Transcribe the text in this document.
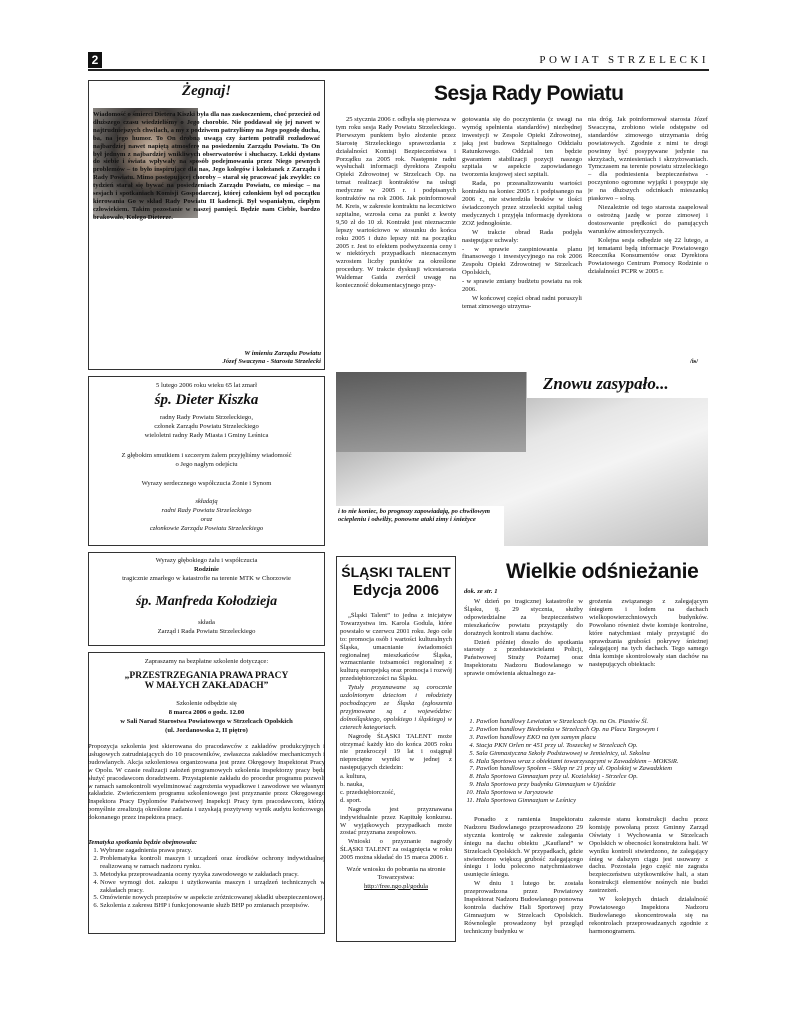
2	POWIAT STRZELECKI
Żegnaj!
Wiadomość o śmierci Dietera Kiszki była dla nas zaskoczeniem, choć przecież od dłuższego czasu wiedzieliśmy o Jego chorobie. Nie poddawał się jej nawet w najtrudniejszych chwilach, a my z podziwem patrzyliśmy na Jego pogodę ducha, ba, na jego humor. To On drobną uwagą czy żartem potrafił rozładować najbardziej nawet napiętą atmosferę na posiedzeniu Zarządu Powiatu. To On był jednym z najbardziej wnikliwych obserwatorów i słuchaczy. Lekki dystans do siebie i świata wpływały na sposób podejmowania przez Niego pewnych problemów – to było inspirujące dla nas, Jego kolegów i koleżanek z Zarządu i Rady Powiatu. Mimo postępującej choroby – starał się pracować jak zwykle: co tydzień starał się bywać na posiedzeniach Zarządu Powiatu, co miesiąc – na sesjach i spotkaniach Komisji Gospodarczej, której członkiem był od początku kierowania Go w skład Rady Powiatu II kadencji. Był wspaniałym, ciepłym człowiekiem. Takim pozostanie w naszej pamięci. Będzie nam Ciebie, bardzo brakowało, Kolego Dieterze.
W imieniu Zarządu Powiatu
Józef Swaczyna - Starosta Strzelecki
5 lutego 2006 roku wieku 65 lat zmarł
śp. Dieter Kiszka
radny Rady Powiatu Strzeleckiego,
członek Zarządu Powiatu Strzeleckiego
wieloletni radny Rady Miasta i Gminy Leśnica
Z głębokim smutkiem i szczerym żalem przyjęliśmy wiadomość
o Jego nagłym odejściu
Wyrazy serdecznego współczucia Żonie i Synom
składają
radni Rady Powiatu Strzeleckiego
oraz
członkowie Zarządu Powiatu Strzeleckiego
Wyrazy głębokiego żalu i współczucia
Rodzinie
tragicznie zmarłego w katastrofie na terenie MTK w Chorzowie
śp. Manfreda Kołodzieja
składa
Zarząd i Rada Powiatu Strzeleckiego
Zapraszamy na bezpłatne szkolenie dotyczące:
„PRZESTRZEGANIA PRAWA PRACY
W MAŁYCH ZAKŁADACH”
Szkolenie odbędzie się
8 marca 2006 o godz. 12.00
w Sali Narad Starostwa Powiatowego w Strzelcach Opolskich
(ul. Jordanowska 2, II piętro)
Propozycja szkolenia jest skierowana do pracodawców z zakładów produkcyjnych i usługowych zatrudniających do 10 pracowników, zwłaszcza zakładów mechanicznych i budowlanych. Akcja szkoleniowa organizowana jest przez Okręgowy Inspektorat Pracy w Opolu. W czasie realizacji założeń programowych szkolenia inspektorzy pracy będą służyć pracodawcom doradztwem. Przystąpienie zakładu do procedur programu pozwoli w ramach samokontroli wyeliminować zagrożenia wypadkowe i zawodowe we własnym zakładzie. Zwieńczeniem programu szkoleniowego jest przyznanie przez Okręgowego Inspektora Pracy Dyplomów Państwowej Inspekcji Pracy tym pracodawcom, którzy pomyślnie zrealizują określone zadania i uzyskają pozytywny wynik audytu końcowego, dokonanego przez inspektora pracy.
Tematyka spotkania będzie obejmowała:
1. Wybrane zagadnienia prawa pracy.
2. Problematyka kontroli maszyn i urządzeń oraz środków ochrony indywidualnej realizowaną w ramach nadzoru rynku.
3. Metodyka przeprowadzania oceny ryzyka zawodowego w zakładach pracy.
4. Nowe wymogi dot. zakupu i użytkowania maszyn i urządzeń technicznych w zakładach pracy.
5. Omówienie nowych przepisów w aspekcie zróżnicowanej składki ubezpieczeniowej.
6. Szkolenia z zakresu BHP i funkcjonowanie służb BHP po zmianach przepisów.
Sesja Rady Powiatu
25 stycznia 2006 r. odbyła się pierwsza w tym roku sesja Rady Powiatu Strzeleckiego. Pierwszym punktem było złożenie przez Starostę Strzeleckiego sprawozdania z działalności Komisji Bezpieczeństwa i Porządku za 2005 rok. Następnie radni wysłuchali informacji dyrektora Zespołu Opieki Zdrowotnej w Strzelcach Op. na temat realizacji kontraktów na usługi medyczne w 2005 r. i podpisanych kontraktów na rok 2006. Jak poinformował M. Kreis, w zakresie kontraktu na lecznictwo szpitalne, wzrosła cena za punkt z kwoty 9,50 zł do 10 zł. Kontrakt jest nieznacznie lepszy wartościowo w stosunku do końca roku 2005 i dużo lepszy niż na początku 2005 r. Jest to efektem podwyższenia ceny i w niektórych przypadkach nieznacznym wzrostem liczby punktów za określone procedury. W trakcie dyskusji wicestarosta Waldemar Gaida zwrócił uwagę na konieczność dokumentacyjnego przy-

gotowania się do poczynienia (z uwagi na wymóg spełnienia standardów) niezbędnej inwestycji w Zespole Opieki Zdrowotnej, jaką jest budowa Szpitalnego Oddziału Ratunkowego. Oddział ten będzie gwarantem stabilizacji pozycji naszego szpitala w aspekcie zapowiadanego tworzenia krajowej sieci szpitali.

Rada, po przeanalizowaniu wartości kontraktu na koniec 2005 r. i podpisanego na 2006 r., nie stwierdziła braków w ilości świadczonych przez strzelecki szpital usług medycznych i przyjęła informację dyrektora ZOZ jednogłośnie.

W trakcie obrad Rada podjęła następujące uchwały:

- w sprawie zaopiniowania planu finansowego i inwestycyjnego na rok 2006 Zespołu Opieki Zdrowotnej w Strzelcach Opolskich,

- w sprawie zmiany budżetu powiatu na rok 2006.

W końcowej części obrad radni poruszyli temat zimowego utrzyma-

nia dróg. Jak poinformował starosta Józef Swaczyna, zrobiono wiele odstępstw od standardów zimowego utrzymania dróg powiatowych. Zgodnie z nimi te drogi powinny być posypywane jedynie na skrzyżach, wzniesieniach i skrzyżowaniach. Tymczasem na terenie powiatu strzeleckiego – dla podniesienia bezpieczeństwa - poczyniono ogromne wyjątki i posypuje się je na dłuższych odcinkach mieszanką piaskowo – solną.

Niezależnie od tego starosta zaapelował o ostrożną jazdę w porze zimowej i dostosowanie prędkości do panujących warunków atmosferycznych.

Kolejna sesja odbędzie się 22 lutego, a jej tematami będą informacje Powiatowego Rzecznika Konsumentów oraz Dyrektora Powiatowego Centrum Pomocy Rodzinie o działalności PCPR w 2005 r.

/is/
Znowu zasypało...
i to nie koniec, bo prognozy zapowiadają, po chwilowym ociepleniu i odwilży, ponowne ataki zimy i śnieżyce
ŚLĄSKI TALENT
Edycja 2006

„Śląski Talent” to jedna z inicjatyw Towarzystwa im. Karola Godula, które powstało w czerwcu 2001 roku. Jego cele to: promocja osób i wartości kulturalnych Śląska, umacnianie świadomości regionalnej mieszkańców Śląska, wzmacnianie tożsamości regionalnej z kulturą europejską oraz promocja i rozwój przedsiębiorczości na Śląsku.

Tytuły przyznawane są corocznie uzdolnionym dzieciom i młodzieży pochodzącym ze Śląska (zgłoszenia przyjmowane są z województw: dolnośląskiego, opolskiego i śląskiego) w czterech kategoriach.

Nagrodę ŚLĄSKI TALENT może otrzymać każdy kto do końca 2005 roku nie przekroczył 19 lat i osiągnął niepreciętne wyniki w jednej z następujących dziedzin:

a. kultura,

b. nauka,

c. przedsiębiorczość,

d. sport.

Nagroda jest przyznawana indywidualnie przez Kapitułę konkursu. W wyjątkowych przypadkach może zostać przyznana zespołowo.

Wnioski o przyznanie nagrody ŚLĄSKI TALENT za osiągnięcia w roku 2005 można składać do 15 marca 2006 r.

Wzór wniosku do pobrania na stronie Towarzystwa:

http://free.ngo.pl/godula

Wielkie odśnieżanie
dok. ze str. 1

W dzień po tragicznej katastrofie w Śląsku, tj. 29 stycznia, służby odpowiedzialne za bezpieczeństwo mieszkańców powiatu przystąpiły do dorażnych kontroli stanu dachów.

Dzień później doszło do spotkania starosty z przedstawicielami Policji, Państwowej Straży Pożarnej oraz Inspektoratu Nadzoru Budowlanego w sprawie omówienia aktualnego za-

grożenia związanego z zalegającym śniegiem i lodem na dachach wielkopowierzchniowych budynków. Powołano również dwie komisje kontrolne, które natychmiast miały przystąpić do sprawdzania grubości pokrywy śnieżnej zalegającej na tych dachach. Tego samego dnia komisje skontrolowały stan dachów na następujących obiektach:
1. Pawilon handlowy Lewiatan w Strzelcach Op. na Os. Piastów Śl.
2. Pawilon handlowy Biedronka w Strzelcach Op. na Placu Targowym i
3. Pawilon handlowy EKO na tym samym placu
4. Stacja PKN Orlen nr 451 przy ul. Toszeckej w Strzelcach Op.
5. Sala Gimnastyczna Szkoły Podstawowej w Jemielnicy, ul. Szkolna
6. Hala Sportowa wraz z obiektami towarzyszącymi w Zawadzkiem – MOKSiR.
7. Pawilon handlowy Społem – Sklep nr 21 przy ul. Opolskiej w Zawadzkiem
8. Hala Sportowa Gimnazjum przy ul. Kozielskiej - Strzelce Op.
9. Hala Sportowa przy budynku Gimnazjum w Ujeździe
10. Hala Sportowa w Jaryszowie
11. Hala Sportowa Gimnazjum w Leśnicy

Ponadto z ramienia Inspektoratu Nadzoru Budowlanego przeprowadzono 29 stycznia kontrolę w zakresie zalegania śniegu na dachu obiektu „Kaufland” w Strzelcach Opolskich. W przypadkach, gdzie stwierdzono większą grubość zalegającego śniegu i lodu polecono natychmiastowe usunięcie śniegu.

W dniu 1 lutego br. została przeprowadzona przez Powiatowy Inspektorat Nadzoru Budowlanego ponowna kontrola dachów Hali Sportowej przy Gimnazjum w Strzelcach Opolskich. Równolegle prowadzony był przegląd techniczny budynku w

zakresie stanu konstrukcji dachu przez komisję powołaną przez Gminny Zarząd Oświaty i Wychowania w Strzelcach Opolskich w obecności konstruktora hali. W wyniku kontroli stwierdzono, że zalegający śnieg w dalszym ciągu jest usuwany z dachu. Pozostała jego część nie zagraża bezpieczeństwu użytkowników hali, a stan konstrukcji elementów nośnych nie budzi zastrzeżeń.

W kolejnych dniach działalność Powiatowego Inspektora Nadzoru Budowlanego skoncentrowała się na rekontrolach przeprowadzanych zgodnie z harmonogramem.
